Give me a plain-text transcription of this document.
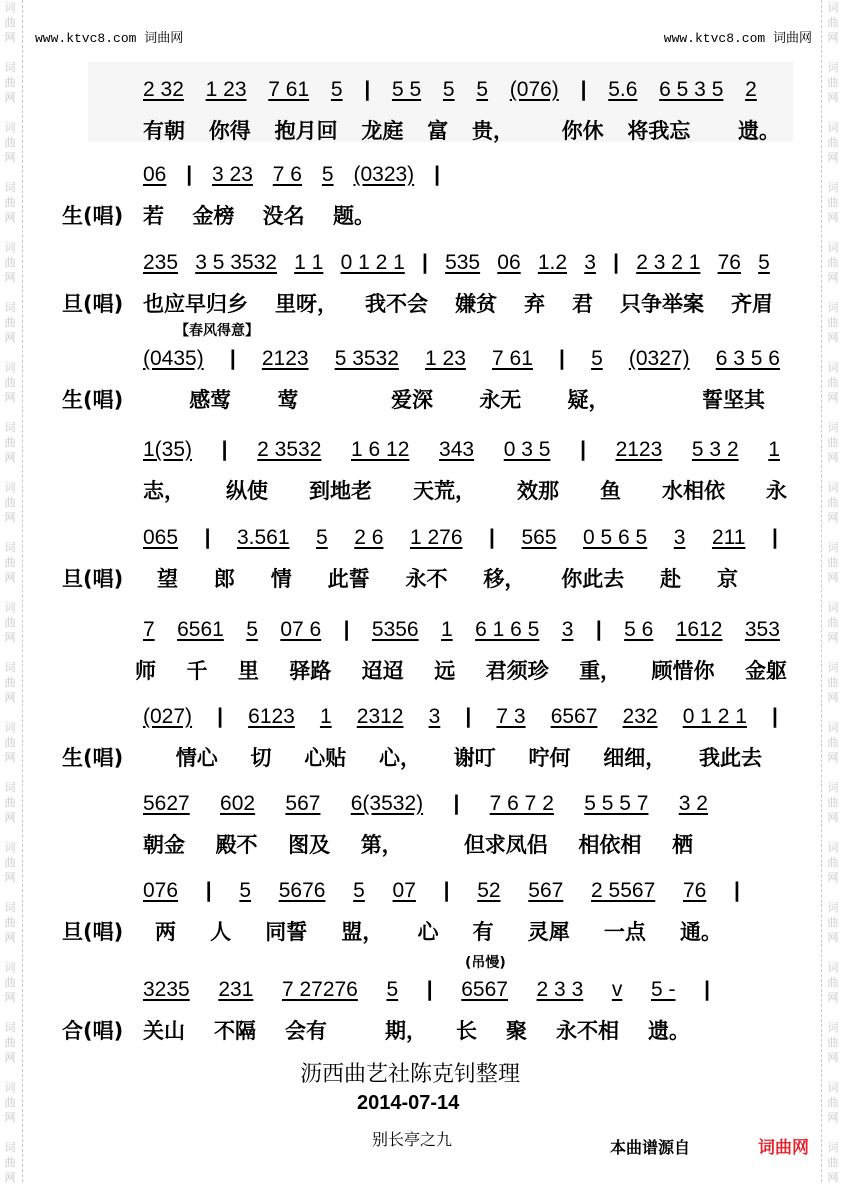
词
曲
网
词
曲
网
词
曲
网
词
曲
网
词
曲
网
词
曲
网
词
曲
网
词
曲
网
词
曲
网
词
曲
网
词
曲
网
词
曲
网
词
曲
网
词
曲
网
词
曲
网
词
曲
网
词
曲
网
词
曲
网
词
曲
网
词
曲
网
词
曲
网
词
曲
网
词
曲
网
词
曲
网
词
曲
网
词
曲
网
词
曲
网
词
曲
网
词
曲
网
词
曲
网
词
曲
网
词
曲
网
词
曲
网
词
曲
网
词
曲
网
词
曲
网
词
曲
网
词
曲
网
词
曲
网
词
曲
网
www.ktvc8.com 词曲网	www.ktvc8.com 词曲网
2 32 1 23 7 61 5 | 5 5 5 5 (076) | 5.6 6 5 3 5 2
有朝 你得 抱月回 龙庭 富 贵， 你休 将我忘 遗。
06 | 3 23 7 6 5 (0323) |
若 金榜 没名 题。
生(唱)
235 3 5 3532 1 1 0 1 2 1 | 535 06 1.2 3 | 2 3 2 1 76 5
也应早归乡 里呀， 我不会 嫌贫 弃 君 只争举案 齐眉
旦(唱)
(0435) | 2123 5 3532 1 23 7 61 | 5 (0327) 6 3 5 6
感莺 莺	爱深 永无 疑，	誓坚其
生(唱)
【春风得意】
1(35) | 2 3532 1 6 12 343 0 3 5 | 2123 5 3 2 1
志， 纵使 到地老 天荒， 效那 鱼 水相依 永
065 | 3.561 5 2 6 1 276 | 565 0 5 6 5 3 211 |
望 郎 情 此誓 永不 移， 你此去 赴 京
旦(唱)
7 6561 5 07 6 | 5356 1 6 1 6 5 3 | 5 6 1612 353
师 千 里 驿路 迢迢 远 君须珍 重， 顾惜你 金躯
(027) | 6123 1 2312 3 | 7 3 6567 232 0 1 2 1 |
情心 切 心贴 心， 谢叮 咛何 细细， 我此去
生(唱)
5627 602 567 6(3532) | 7 6 7 2 5 5 5 7 3 2
朝金 殿不 图及 第，	但求凤侣 相依相 栖
076 | 5 5676 5 07 | 52 567 2 5567 76 |
两 人 同誓 盟， 心 有 灵犀 一点 通。
旦(唱)
3235 231 7 27276 5 | 6567 2 3 3 v 5 - |
关山 不隔 会有	期， 长 聚 永不相 遗。
合(唱)
(吊慢)
沥西曲艺社陈克钊整理
2014-07-14
别长亭之九	本曲谱源自	词曲网
